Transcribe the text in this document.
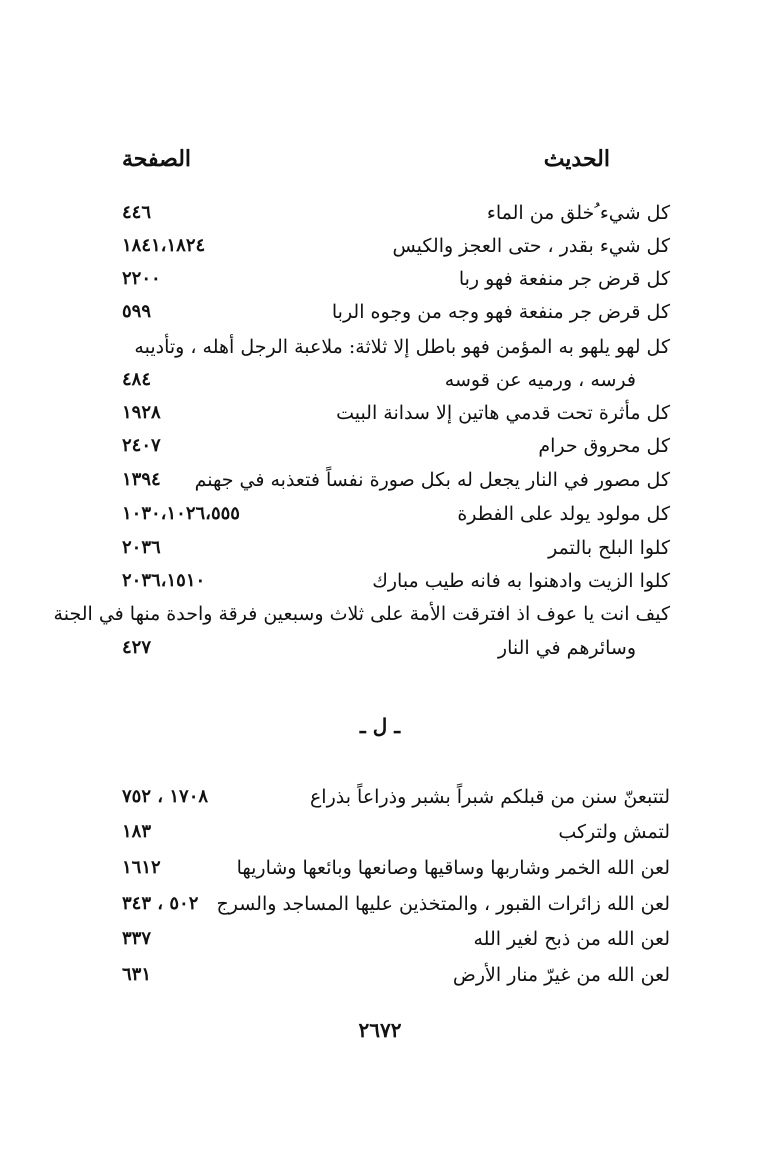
الحديث
الصفحة
كل شيء ُخلق من الماء
٤٤٦
كل شيء بقدر ، حتى العجز والكيس
١٨٤١،١٨٢٤
كل قرض جر منفعة فهو ربا
٢٢٠٠
كل قرض جر منفعة فهو وجه من وجوه الربا
٥٩٩
كل لهو يلهو به المؤمن فهو باطل إلا ثلاثة: ملاعبة الرجل أهله ، وتأديبه
فرسه ، ورميه عن قوسه
٤٨٤
كل مأثرة تحت قدمي هاتين إلا سدانة البيت
١٩٢٨
كل محروق حرام
٢٤٠٧
كل مصور في النار يجعل له بكل صورة نفساً فتعذبه في جهنم
١٣٩٤
كل مولود يولد على الفطرة
١٠٣٠،١٠٢٦،٥٥٥
كلوا البلح بالتمر
٢٠٣٦
كلوا الزيت وادهنوا به فانه طيب مبارك
٢٠٣٦،١٥١٠
كيف انت يا عوف اذ افترقت الأمة على ثلاث وسبعين فرقة واحدة منها في الجنة
وسائرهم في النار
٤٢٧
ـ ل ـ
لتتبعنّ سنن من قبلكم شبراً بشبر وذراعاً بذراع
١٧٠٨ ، ٧٥٢
لتمش ولتركب
١٨٣
لعن الله الخمر وشاربها وساقيها وصانعها وبائعها وشاريها
١٦١٢
لعن الله زائرات القبور ، والمتخذين عليها المساجد والسرج
٥٠٢ ، ٣٤٣
لعن الله من ذبح لغير الله
٣٣٧
لعن الله من غيرّ منار الأرض
٦٣١
٢٦٧٢
